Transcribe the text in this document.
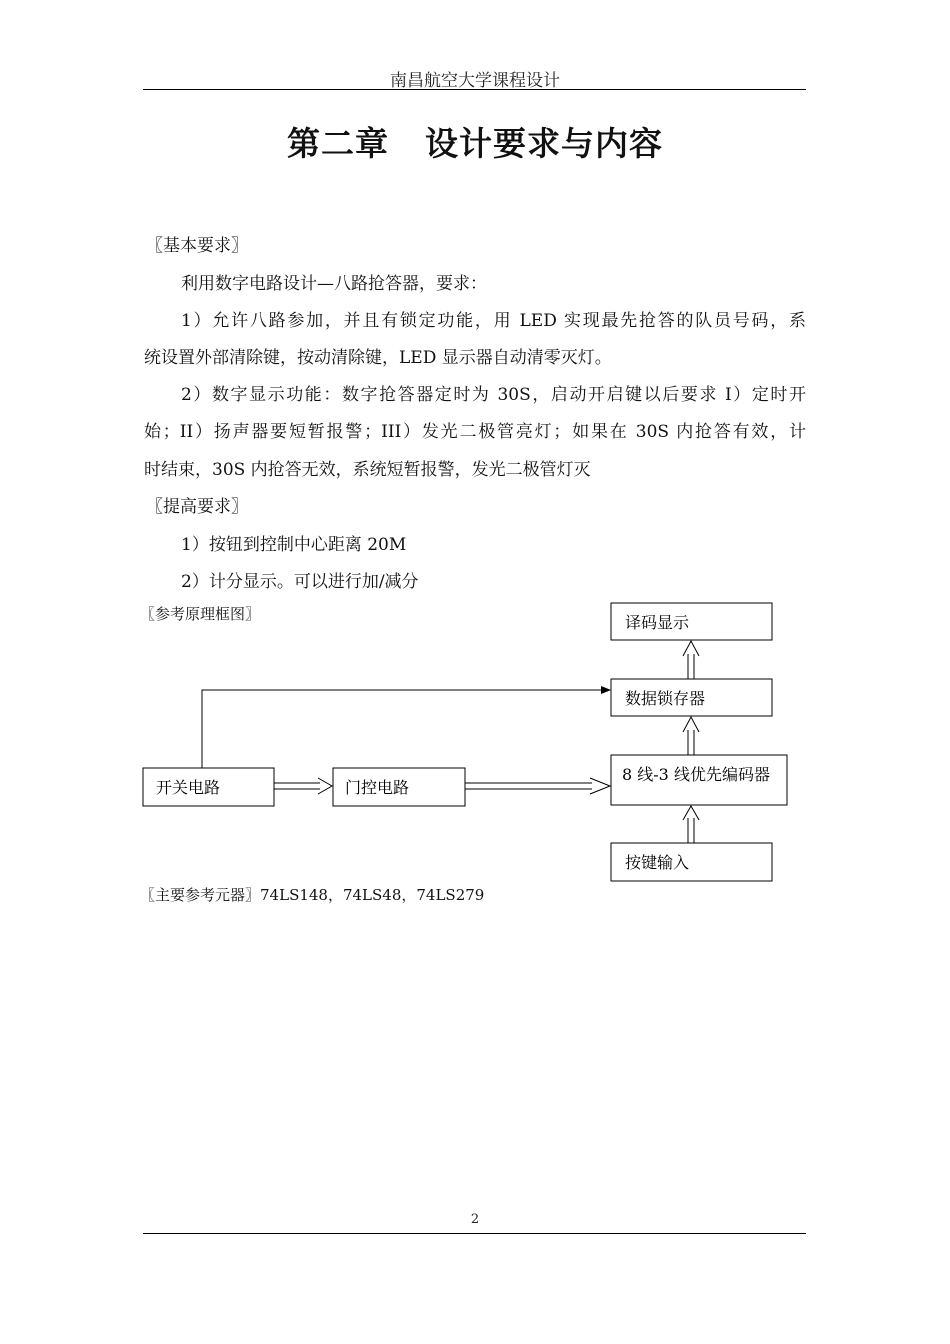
南昌航空大学课程设计
第二章 设计要求与内容
〖基本要求〗
利用数字电路设计—八路抢答器，要求：
1）允许八路参加，并且有锁定功能，用 LED 实现最先抢答的队员号码，系
统设置外部清除键，按动清除键，LED 显示器自动清零灭灯。
2）数字显示功能：数字抢答器定时为 30S，启动开启键以后要求 I）定时开
始；II）扬声器要短暂报警；III）发光二极管亮灯；如果在 30S 内抢答有效，计
时结束，30S 内抢答无效，系统短暂报警，发光二极管灯灭
〖提高要求〗
1）按钮到控制中心距离 20M
2）计分显示。可以进行加/减分
〖参考原理框图〗	译码显示
数据锁存器
8 线-3 线优先编码器
按键输入
开关电路	门控电路
〖主要参考元器〗74LS148，74LS48，74LS279
2
